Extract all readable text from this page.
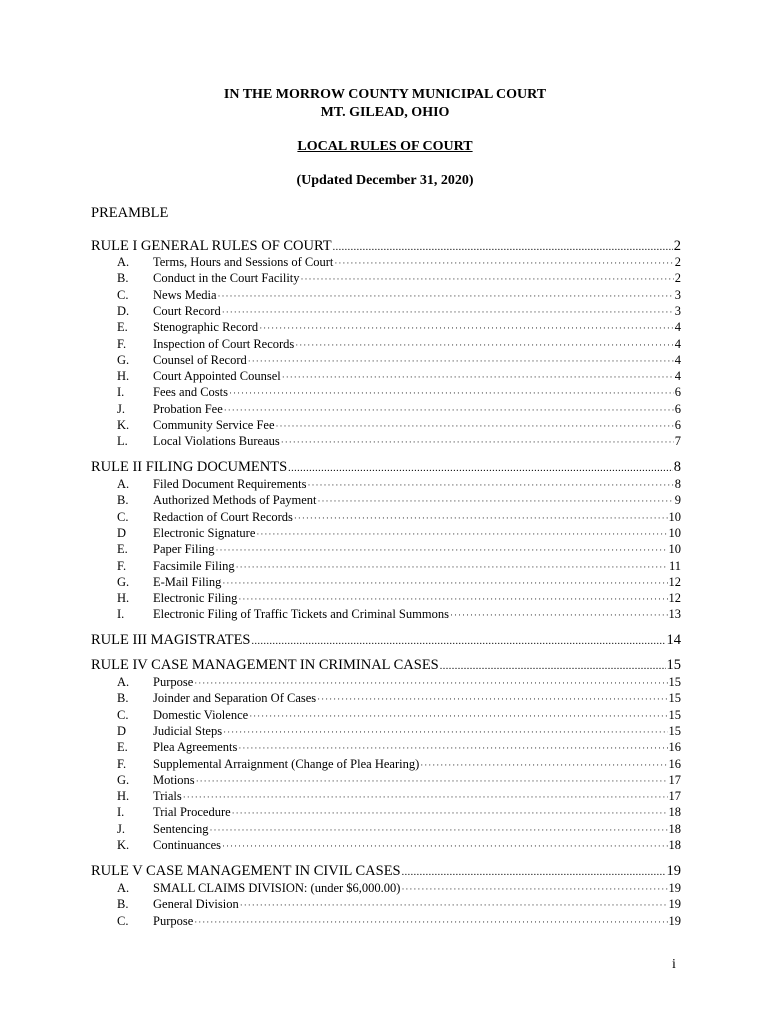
IN THE MORROW COUNTY MUNICIPAL COURT
MT. GILEAD, OHIO
LOCAL RULES OF COURT
(Updated December 31, 2020)
PREAMBLE
RULE I GENERAL RULES OF COURT .....	2
A.	Terms, Hours and Sessions of Court ·····	2
B.	Conduct in the Court Facility ·····	2
C.	News Media ·····	3
D.	Court Record ·····	3
E.	Stenographic Record ·····	4
F.	Inspection of Court Records ·····	4
G.	Counsel of Record ·····	4
H.	Court Appointed Counsel ·····	4
I.	Fees and Costs ·····	6
J.	Probation Fee ·····	6
K.	Community Service Fee ·····	6
L.	Local Violations Bureaus ·····	7
RULE II FILING DOCUMENTS .....	8
A.	Filed Document Requirements ·····	8
B.	Authorized Methods of Payment ·····	9
C.	Redaction of Court Records ·····	10
D	Electronic Signature ·····	10
E.	Paper Filing ·····	10
F.	Facsimile Filing ·····	11
G.	E-Mail Filing ·····	12
H.	Electronic Filing ·····	12
I.	Electronic Filing of Traffic Tickets and Criminal Summons ·····	13
RULE III MAGISTRATES .....	14
RULE IV CASE MANAGEMENT IN CRIMINAL CASES .....	15
A.	Purpose ·····	15
B.	Joinder and Separation Of Cases ·····	15
C.	Domestic Violence ·····	15
D	Judicial Steps ·····	15
E.	Plea Agreements ·····	16
F.	Supplemental Arraignment (Change of Plea Hearing) ·····	16
G.	Motions ·····	17
H.	Trials ·····	17
I.	Trial Procedure ·····	18
J.	Sentencing ·····	18
K.	Continuances ·····	18
RULE V CASE MANAGEMENT IN CIVIL CASES .....	19
A.	SMALL CLAIMS DIVISION: (under $6,000.00) ·····	19
B.	General Division ·····	19
C.	Purpose ·····	19
i
